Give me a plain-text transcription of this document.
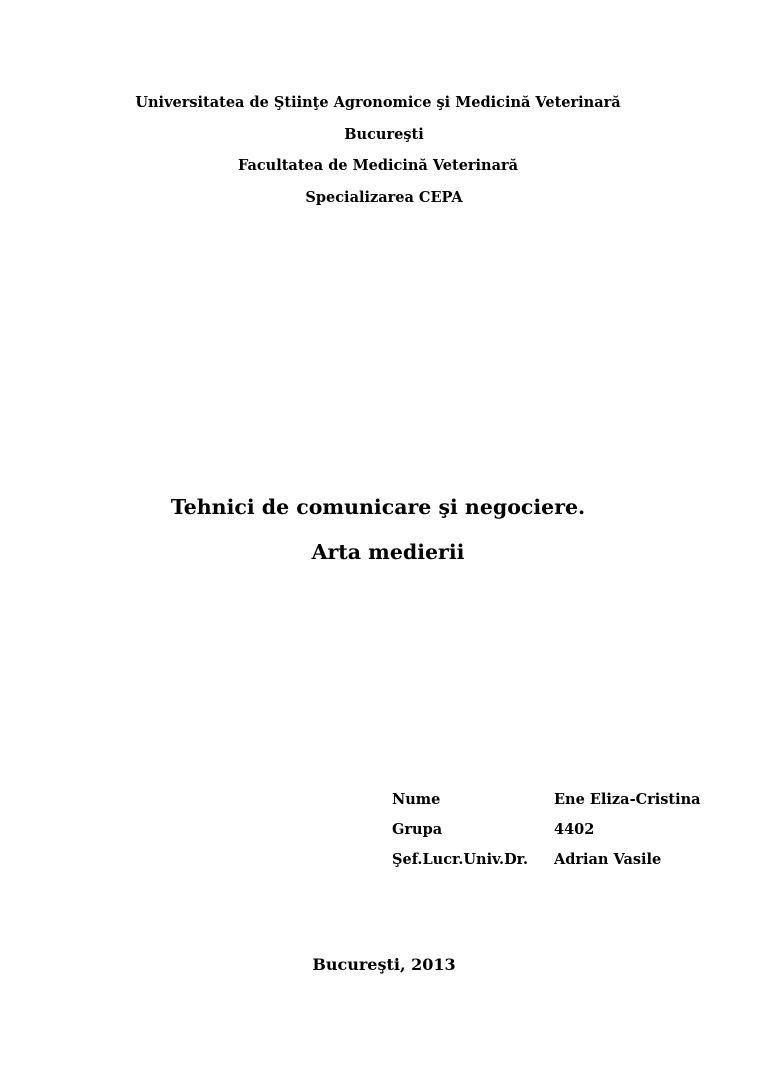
Universitatea de Ştiinţe Agronomice şi Medicină Veterinară
Bucureşti
Facultatea de Medicină Veterinară
Specializarea CEPA
Tehnici de comunicare şi negociere.
Arta medierii
Nume	Ene Eliza-Cristina
Grupa	4402
Şef.Lucr.Univ.Dr. Adrian Vasile
Bucureşti, 2013
